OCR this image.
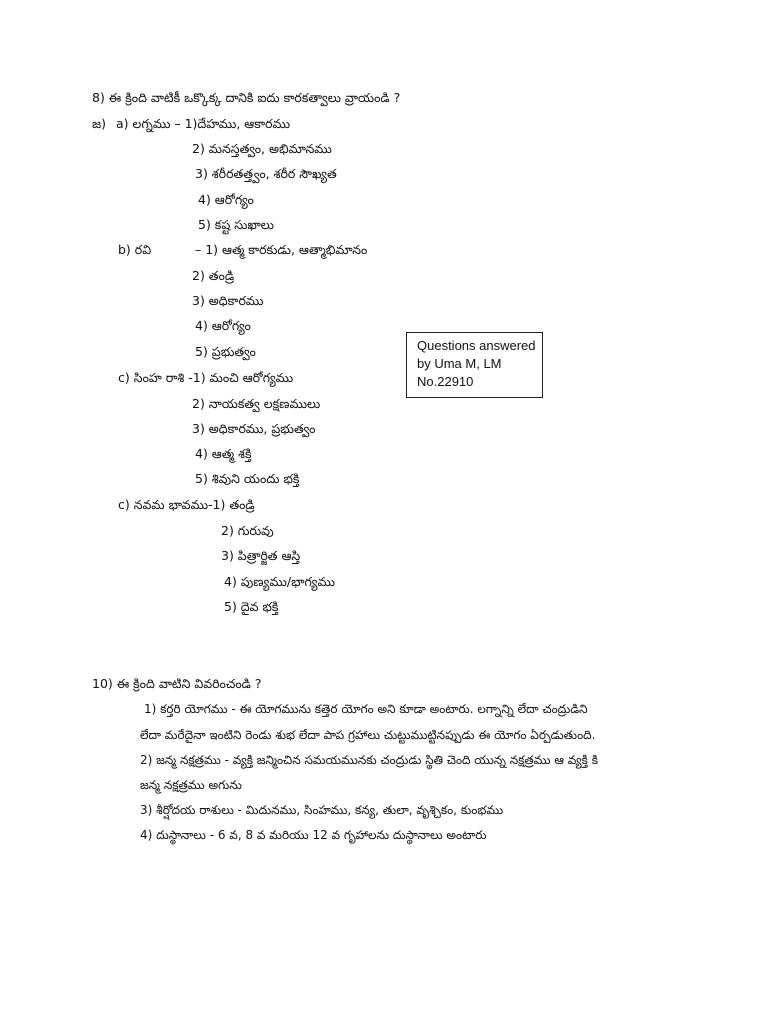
8) ఈ క్రింది వాటికీ ఒక్కొక్క దానికి ఐదు కారకత్వాలు వ్రాయండి ?
జ) a) లగ్నము – 1)దేహము, ఆకారము
2) మనస్తత్వం, అభిమానము
3) శరీరతత్త్వం, శరీర సౌఖ్యత
4) ఆరోగ్యం
5) కష్ట సుఖాలు
b) రవి	– 1) ఆత్మ కారకుడు, ఆత్మాభిమానం
2) తండ్రి
3) అధికారము
4) ఆరోగ్యం
5) ప్రభుత్వం
c) సింహ రాశి -1) మంచి ఆరోగ్యము
2) నాయకత్వ లక్షణములు
3) అధికారము, ప్రభుత్వం
4) ఆత్మ శక్తి
5) శివుని యందు భక్తి
c) నవమ భావము-1) తండ్రి
2) గురువు
3) పిత్రార్జిత ఆస్తి
4) పుణ్యము/భాగ్యము
5) దైవ భక్తి
Questions answered
by Uma M, LM
No.22910
10) ఈ క్రింది వాటిని వివరించండి ?
1) కర్తరి యోగము - ఈ యోగమును కత్తెర యోగం అని కూడా అంటారు. లగ్నాన్ని లేదా చంద్రుడిని
లేదా మరేదైనా ఇంటిని రెండు శుభ లేదా పాప గ్రహాలు చుట్టుముట్టినప్పుడు ఈ యోగం ఏర్పడుతుంది.
2) జన్మ నక్షత్రము - వ్యక్తి జన్మించిన సమయమునకు చంద్రుడు స్థితి చెంది యున్న నక్షత్రము ఆ వ్యక్తి కి
జన్మ నక్షత్రము అగును
3) శీర్షోదయ రాశులు - మిదునము, సింహము, కన్య, తులా, వృశ్చికం, కుంభము
4) దుస్థానాలు - 6 వ, 8 వ మరియు 12 వ గృహాలను దుస్థానాలు అంటారు
